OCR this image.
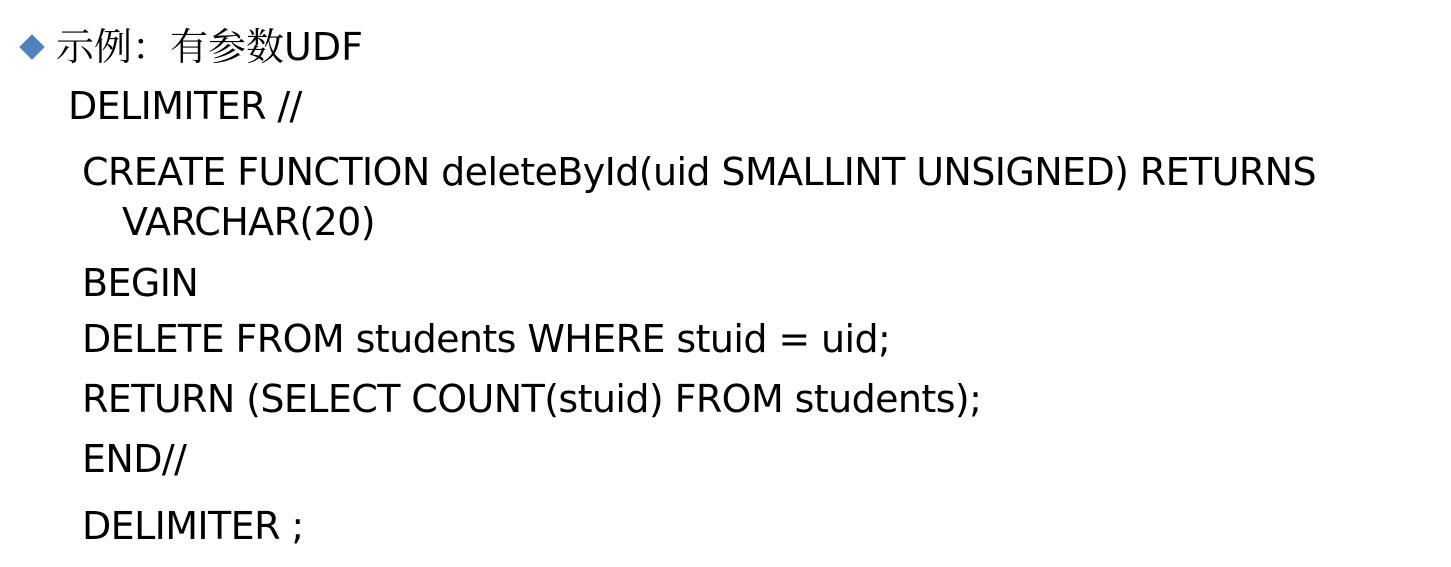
示例：有参数UDF
DELIMITER //
CREATE FUNCTION deleteById(uid SMALLINT UNSIGNED) RETURNS
VARCHAR(20)
BEGIN
DELETE FROM students WHERE stuid = uid;
RETURN (SELECT COUNT(stuid) FROM students);
END//
DELIMITER ;
